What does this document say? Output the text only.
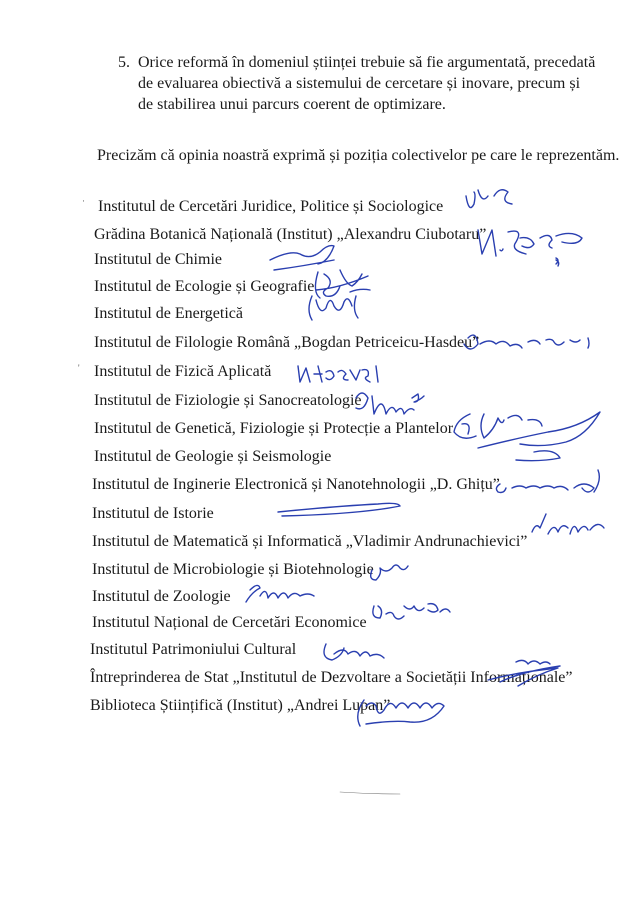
5. Orice reformă în domeniul științei trebuie să fie argumentată, precedată de evaluarea obiectivă a sistemului de cercetare și inovare, precum și de stabilirea unui parcurs coerent de optimizare.
Precizăm că opinia noastră exprimă și poziția colectivelor pe care le reprezentăm.
Institutul de Cercetări Juridice, Politice și Sociologice
Grădina Botanică Națională (Institut) „Alexandru Ciubotaru”
Institutul de Chimie
Institutul de Ecologie și Geografie
Institutul de Energetică
Institutul de Filologie Română „Bogdan Petriceicu-Hasdeu”
Institutul de Fizică Aplicată
Institutul de Fiziologie și Sanocreatologie
Institutul de Genetică, Fiziologie și Protecție a Plantelor
Institutul de Geologie și Seismologie
Institutul de Inginerie Electronică și Nanotehnologii „D. Ghițu”
Institutul de Istorie
Institutul de Matematică și Informatică „Vladimir Andrunachievici”
Institutul de Microbiologie și Biotehnologie
Institutul de Zoologie
Institutul Național de Cercetări Economice
Institutul Patrimoniului Cultural
Întreprinderea de Stat „Institutul de Dezvoltare a Societății Informaționale”
Biblioteca Științifică (Institut) „Andrei Lupan”
·
'
